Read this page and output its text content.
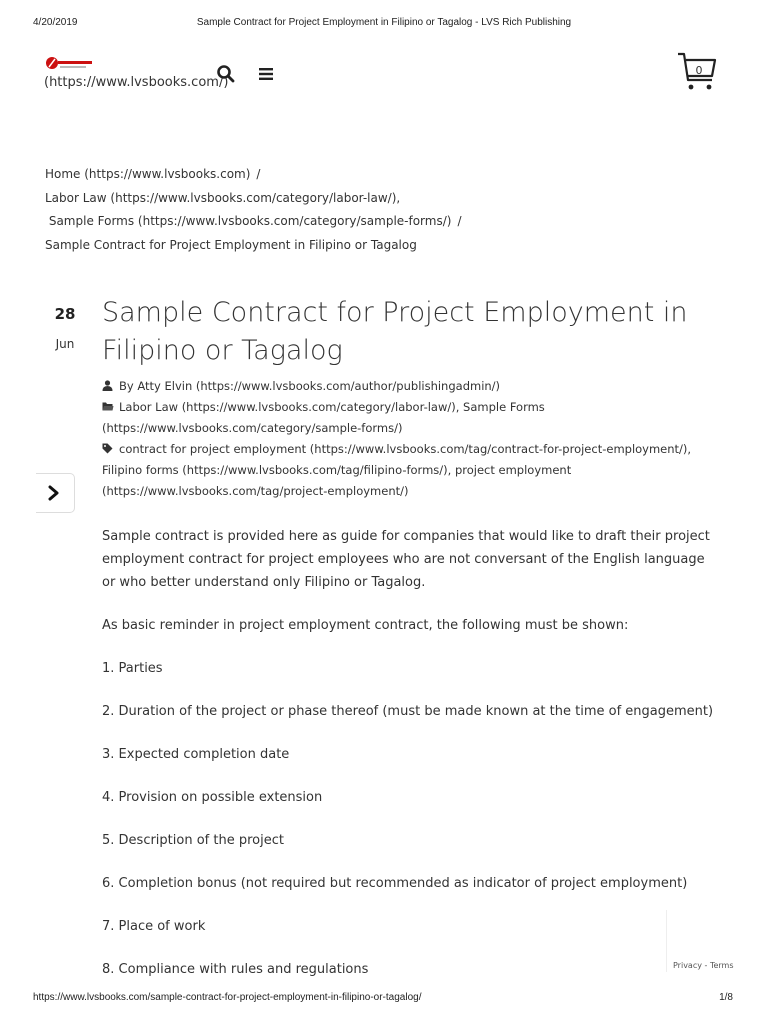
4/20/2019	Sample Contract for Project Employment in Filipino or Tagalog - LVS Rich Publishing
(https://www.lvsbooks.com/)
0
Home (https://www.lvsbooks.com) /
Labor Law (https://www.lvsbooks.com/category/labor-law/),
Sample Forms (https://www.lvsbooks.com/category/sample-forms/) /
Sample Contract for Project Employment in Filipino or Tagalog
28
Jun
Sample Contract for Project Employment in Filipino or Tagalog
By Atty Elvin (https://www.lvsbooks.com/author/publishingadmin/)
Labor Law (https://www.lvsbooks.com/category/labor-law/), Sample Forms (https://www.lvsbooks.com/category/sample-forms/)
contract for project employment (https://www.lvsbooks.com/tag/contract-for-project-employment/), Filipino forms (https://www.lvsbooks.com/tag/filipino-forms/), project employment (https://www.lvsbooks.com/tag/project-employment/)

Sample contract is provided here as guide for companies that would like to draft their project employment contract for project employees who are not conversant of the English language or who better understand only Filipino or Tagalog.

As basic reminder in project employment contract, the following must be shown:

1. Parties

2. Duration of the project or phase thereof (must be made known at the time of engagement)

3. Expected completion date

4. Provision on possible extension

5. Description of the project

6. Completion bonus (not required but recommended as indicator of project employment)

7. Place of work

8. Compliance with rules and regulations	Privacy - Terms
https://www.lvsbooks.com/sample-contract-for-project-employment-in-filipino-or-tagalog/	1/8
